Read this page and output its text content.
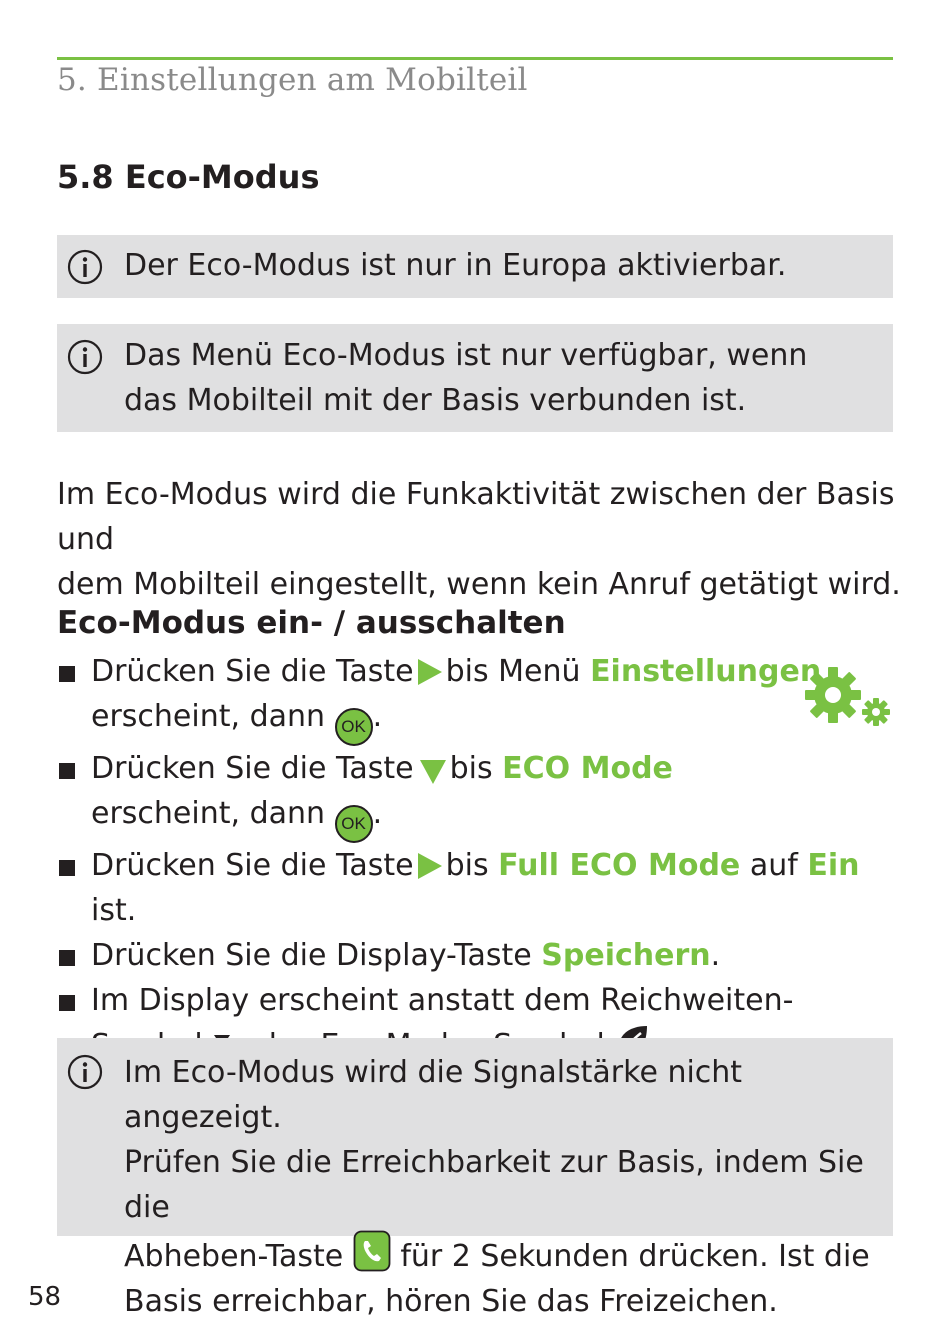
5. Einstellungen am Mobilteil
5.8 Eco-Modus
Der Eco-Modus ist nur in Europa aktivierbar.
Das Menü Eco-Modus ist nur verfügbar, wenn
das Mobilteil mit der Basis verbunden ist.
Im Eco-Modus wird die Funkaktivität zwischen der Basis und
dem Mobilteil eingestellt, wenn kein Anruf getätigt wird.
Eco-Modus ein- / ausschalten
Drücken Sie die Taste bis Menü Einstellungen
erscheint, dann OK .
Drücken Sie die Taste bis ECO Mode
erscheint, dann OK .
Drücken Sie die Taste bis Full ECO Mode auf Ein ist.
Drücken Sie die Display-Taste Speichern.
Im Display erscheint anstatt dem Reichweiten-

Im Eco-Modus wird die Signalstärke nicht angezeigt.
Prüfen Sie die Erreichbarkeit zur Basis, indem Sie die
Abheben-Taste für 2 Sekunden drücken. Ist die
Basis erreichbar, hören Sie das Freizeichen.
58
